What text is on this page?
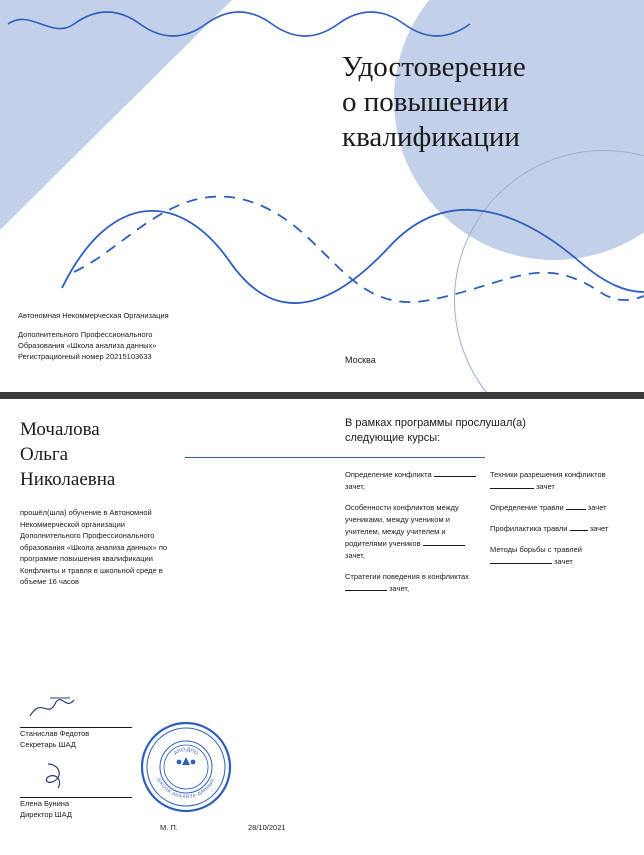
Удостоверение
о повышении
квалификации
Автономная Некоммерческая Организация
Дополнительного Профессионального
Образования «Школа анализа данных»
Регистрационный номер 20215103633	Москва
Мочалова
Ольга
Николаевна
прошёл(шла) обучение в Автономной Некоммерческой организации Дополнительного Профессионального образования «Школа анализа данных» по программе повышения квалификации Конфликты и травля в школьной среде в объеме 16 часов
В рамках программы прослушал(а)
следующие курсы:
Определение конфликта  зачет,
Особенности конфликтов между учениками, между учеником и учителем, между учителем и родителями учеников  зачет,
Стратегии поведения в конфликтах  зачет,
Техники разрешения конфликтов  зачет
Определение травли	зачет
Профилактика травли	зачет
Методы борьбы с травлей  зачет
Станислав Федотов
Секретарь ШАД
Елена Бунина
Директор ШАД
АНО ДПО
ШКОЛА АНАЛИЗА ДАННЫХ
М. П.	28/10/2021
